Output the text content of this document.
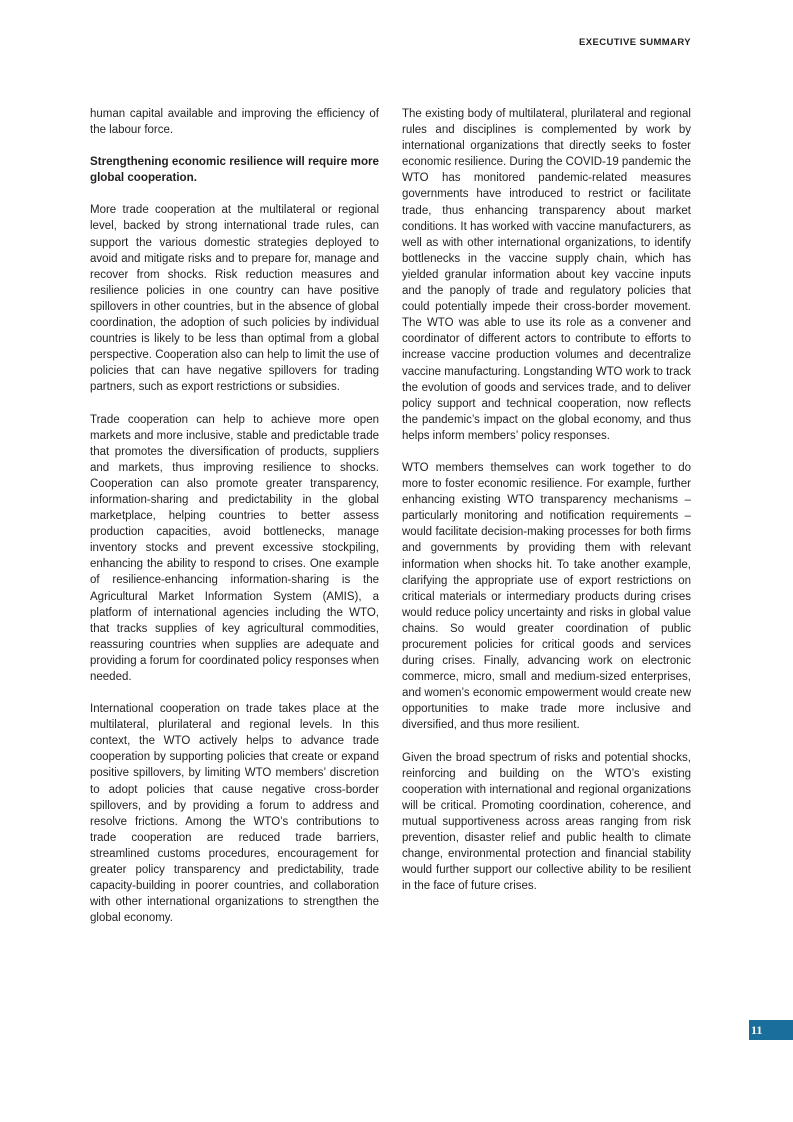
EXECUTIVE SUMMARY

human capital available and improving the efficiency of the labour force.

Strengthening economic resilience will require more global cooperation.

More trade cooperation at the multilateral or regional level, backed by strong international trade rules, can support the various domestic strategies deployed to avoid and mitigate risks and to prepare for, manage and recover from shocks. Risk reduction measures and resilience policies in one country can have positive spillovers in other countries, but in the absence of global coordination, the adoption of such policies by individual countries is likely to be less than optimal from a global perspective. Cooperation also can help to limit the use of policies that can have negative spillovers for trading partners, such as export restrictions or subsidies.

Trade cooperation can help to achieve more open markets and more inclusive, stable and predictable trade that promotes the diversification of products, suppliers and markets, thus improving resilience to shocks. Cooperation can also promote greater transparency, information-sharing and predictability in the global marketplace, helping countries to better assess production capacities, avoid bottlenecks, manage inventory stocks and prevent excessive stockpiling, enhancing the ability to respond to crises. One example of resilience-enhancing information-sharing is the Agricultural Market Information System (AMIS), a platform of international agencies including the WTO, that tracks supplies of key agricultural commodities, reassuring countries when supplies are adequate and providing a forum for coordinated policy responses when needed.

International cooperation on trade takes place at the multilateral, plurilateral and regional levels. In this context, the WTO actively helps to advance trade cooperation by supporting policies that create or expand positive spillovers, by limiting WTO members’ discretion to adopt policies that cause negative cross-border spillovers, and by providing a forum to address and resolve frictions. Among the WTO’s contributions to trade cooperation are reduced trade barriers, streamlined customs procedures, encouragement for greater policy transparency and predictability, trade capacity-building in poorer countries, and collaboration with other international organizations to strengthen the global economy.

The existing body of multilateral, plurilateral and regional rules and disciplines is complemented by work by international organizations that directly seeks to foster economic resilience. During the COVID-19 pandemic the WTO has monitored pandemic-related measures governments have introduced to restrict or facilitate trade, thus enhancing transparency about market conditions. It has worked with vaccine manufacturers, as well as with other international organizations, to identify bottlenecks in the vaccine supply chain, which has yielded granular information about key vaccine inputs and the panoply of trade and regulatory policies that could potentially impede their cross-border movement. The WTO was able to use its role as a convener and coordinator of different actors to contribute to efforts to increase vaccine production volumes and decentralize vaccine manufacturing. Longstanding WTO work to track the evolution of goods and services trade, and to deliver policy support and technical cooperation, now reflects the pandemic’s impact on the global economy, and thus helps inform members’ policy responses.

WTO members themselves can work together to do more to foster economic resilience. For example, further enhancing existing WTO transparency mechanisms – particularly monitoring and notification requirements – would facilitate decision-making processes for both firms and governments by providing them with relevant information when shocks hit. To take another example, clarifying the appropriate use of export restrictions on critical materials or intermediary products during crises would reduce policy uncertainty and risks in global value chains. So would greater coordination of public procurement policies for critical goods and services during crises. Finally, advancing work on electronic commerce, micro, small and medium-sized enterprises, and women’s economic empowerment would create new opportunities to make trade more inclusive and diversified, and thus more resilient.

Given the broad spectrum of risks and potential shocks, reinforcing and building on the WTO’s existing cooperation with international and regional organizations will be critical. Promoting coordination, coherence, and mutual supportiveness across areas ranging from risk prevention, disaster relief and public health to climate change, environmental protection and financial stability would further support our collective ability to be resilient in the face of future crises.

11
